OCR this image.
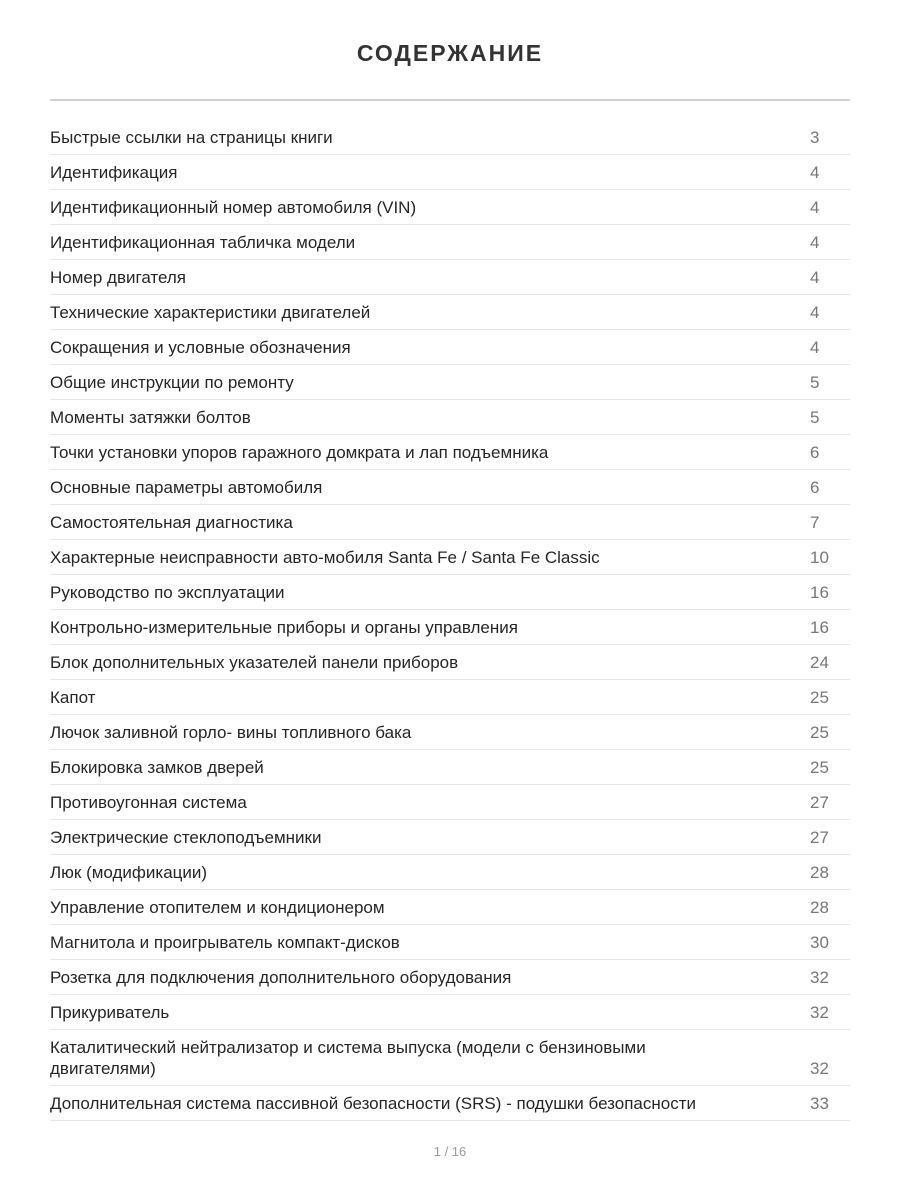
СОДЕРЖАНИЕ
Быстрые ссылки на страницы книги	3
Идентификация	4
Идентификационный номер автомобиля (VIN)	4
Идентификационная табличка модели	4
Номер двигателя	4
Технические характеристики двигателей	4
Сокращения и условные обозначения	4
Общие инструкции по ремонту	5
Моменты затяжки болтов	5
Точки установки упоров гаражного домкрата и лап подъемника	6
Основные параметры автомобиля	6
Самостоятельная диагностика	7
Характерные неисправности авто-мобиля Santa Fe / Santa Fe Classic	10
Руководство по эксплуатации	16
Контрольно-измерительные приборы и органы управления	16
Блок дополнительных указателей панели приборов	24
Капот	25
Лючок заливной горло- вины топливного бака	25
Блокировка замков дверей	25
Противоугонная система	27
Электрические стеклоподъемники	27
Люк (модификации)	28
Управление отопителем и кондиционером	28
Магнитола и проигрыватель компакт-дисков	30
Розетка для подключения дополнительного оборудования	32
Прикуриватель	32
Каталитический нейтрализатор и система выпуска (модели с бензиновыми двигателями)	32
Дополнительная система пассивной безопасности (SRS) - подушки безопасности	33
1 / 16
